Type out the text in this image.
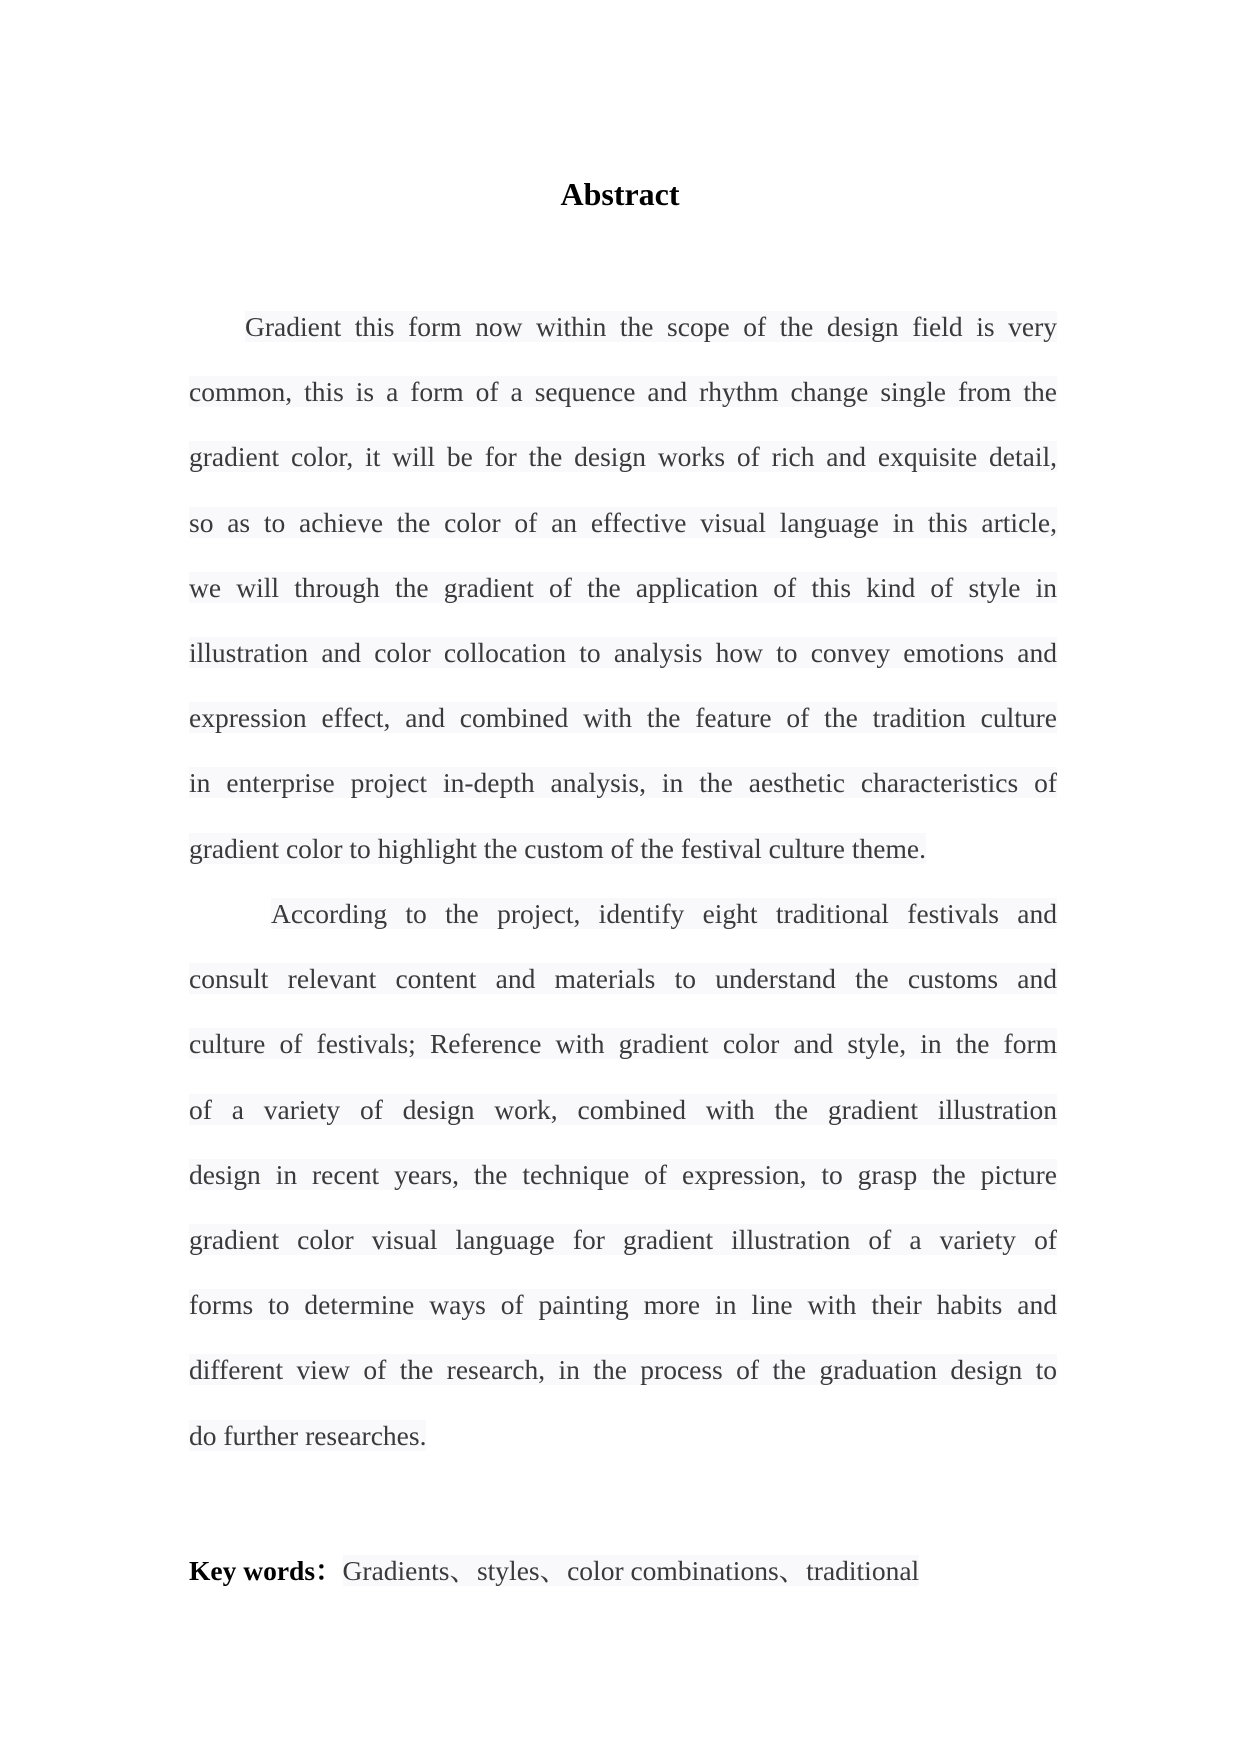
Abstract
Gradient this form now within the scope of the design field is very
common, this is a form of a sequence and rhythm change single from the
gradient color, it will be for the design works of rich and exquisite detail,
so as to achieve the color of an effective visual language in this article,
we will through the gradient of the application of this kind of style in
illustration and color collocation to analysis how to convey emotions and
expression effect, and combined with the feature of the tradition culture
in enterprise project in-depth analysis, in the aesthetic characteristics of
gradient color to highlight the custom of the festival culture theme.
According to the project, identify eight traditional festivals and
consult relevant content and materials to understand the customs and
culture of festivals; Reference with gradient color and style, in the form
of a variety of design work, combined with the gradient illustration
design in recent years, the technique of expression, to grasp the picture
gradient color visual language for gradient illustration of a variety of
forms to determine ways of painting more in line with their habits and
different view of the research, in the process of the graduation design to
do further researches.
Key words：Gradients、styles、color combinations、traditional
